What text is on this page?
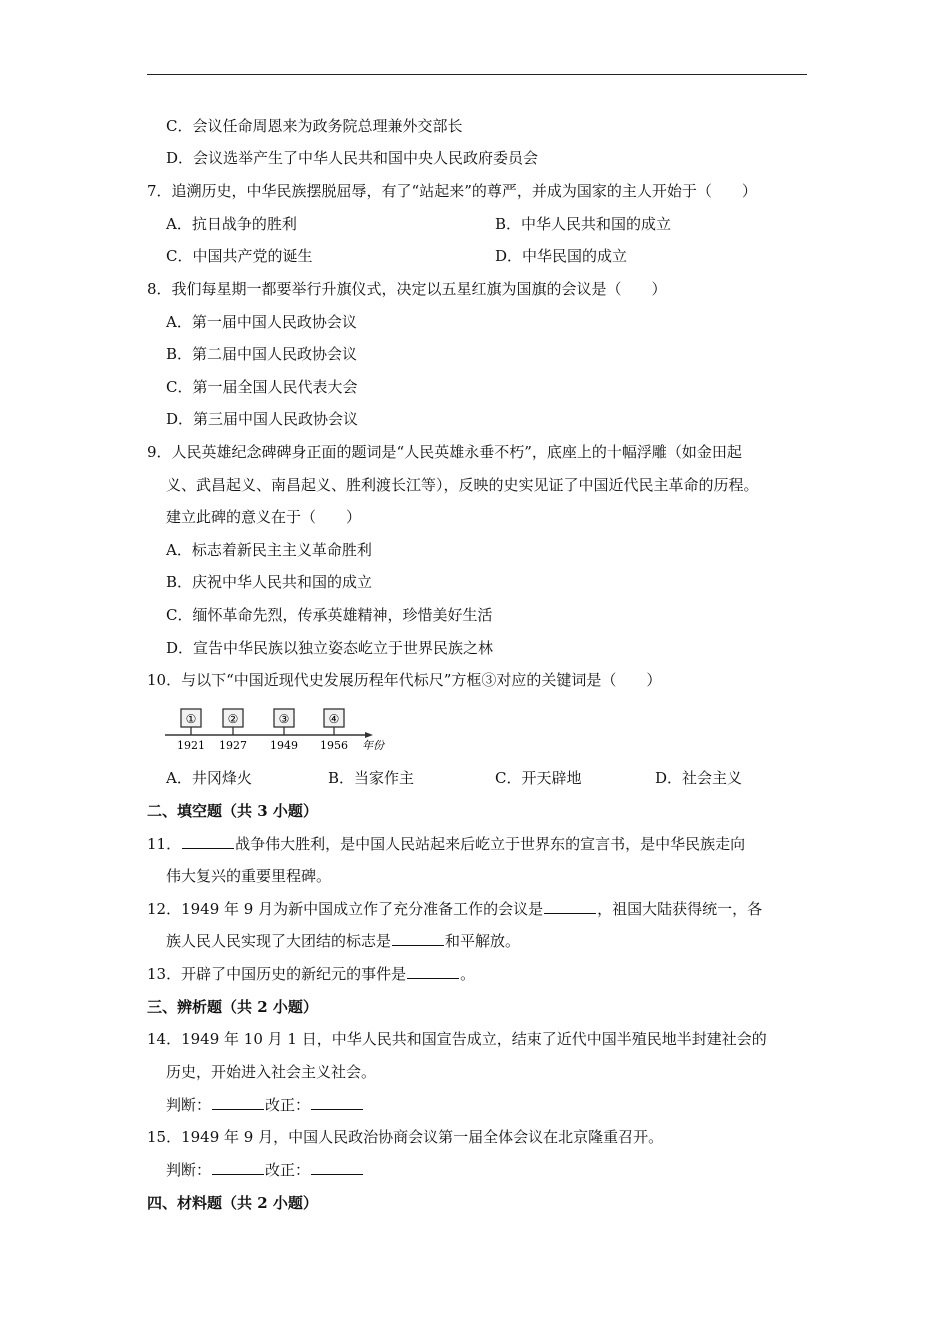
C．会议任命周恩来为政务院总理兼外交部长
D．会议选举产生了中华人民共和国中央人民政府委员会
7．追溯历史，中华民族摆脱屈辱，有了“站起来”的尊严，并成为国家的主人开始于（　　）
A．抗日战争的胜利	B．中华人民共和国的成立
C．中国共产党的诞生	D．中华民国的成立
8．我们每星期一都要举行升旗仪式，决定以五星红旗为国旗的会议是（　　）
A．第一届中国人民政协会议
B．第二届中国人民政协会议
C．第一届全国人民代表大会
D．第三届中国人民政协会议
9．人民英雄纪念碑碑身正面的题词是“人民英雄永垂不朽”，底座上的十幅浮雕（如金田起
义、武昌起义、南昌起义、胜利渡长江等），反映的史实见证了中国近代民主革命的历程。
建立此碑的意义在于（　　）
A．标志着新民主主义革命胜利
B．庆祝中华人民共和国的成立
C．缅怀革命先烈，传承英雄精神，珍惜美好生活
D．宣告中华民族以独立姿态屹立于世界民族之林
10．与以下“中国近现代史发展历程年代标尺”方框③对应的关键词是（　　）
①
1921
②
1927
③
1949
④
1956 年份
A．井冈烽火	B．当家作主	C．开天辟地	D．社会主义
二、填空题（共 3 小题）
11．	战争伟大胜利，是中国人民站起来后屹立于世界东的宣言书，是中华民族走向
伟大复兴的重要里程碑。
12．1949 年 9 月为新中国成立作了充分准备工作的会议是	，祖国大陆获得统一，各
族人民人民实现了大团结的标志是	和平解放。
13．开辟了中国历史的新纪元的事件是	。
三、辨析题（共 2 小题）
14．1949 年 10 月 1 日，中华人民共和国宣告成立，结束了近代中国半殖民地半封建社会的
历史，开始进入社会主义社会。
判断：	改正：
15．1949 年 9 月，中国人民政治协商会议第一届全体会议在北京隆重召开。
判断：	改正：
四、材料题（共 2 小题）
